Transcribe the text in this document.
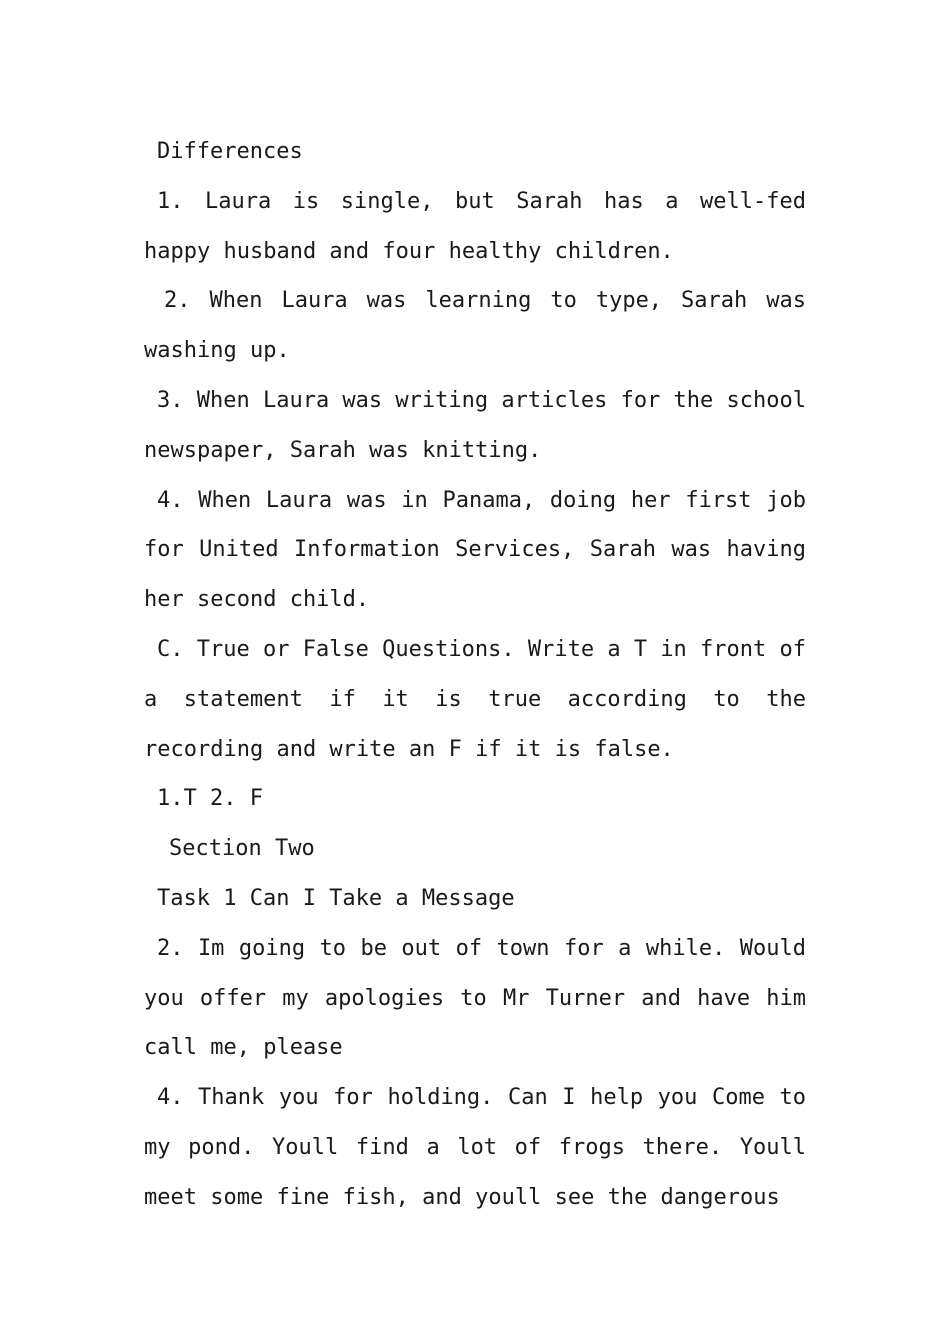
Differences

1. Laura is single, but Sarah has a well-fed happy husband and four healthy children.

2. When Laura was learning to type, Sarah was washing up.

3. When Laura was writing articles for the school newspaper, Sarah was knitting.

4. When Laura was in Panama, doing her first job for United Information Services, Sarah was having her second child.

C. True or False Questions. Write a T in front of a statement if it is true according to the recording and write an F if it is false.

1.T 2. F

Section Two

Task 1 Can I Take a Message

2. Im going to be out of town for a while. Would you offer my apologies to Mr Turner and have him call me, please

4. Thank you for holding. Can I help you Come to my pond. Youll find a lot of frogs there. Youll meet some fine fish, and youll see the dangerous
